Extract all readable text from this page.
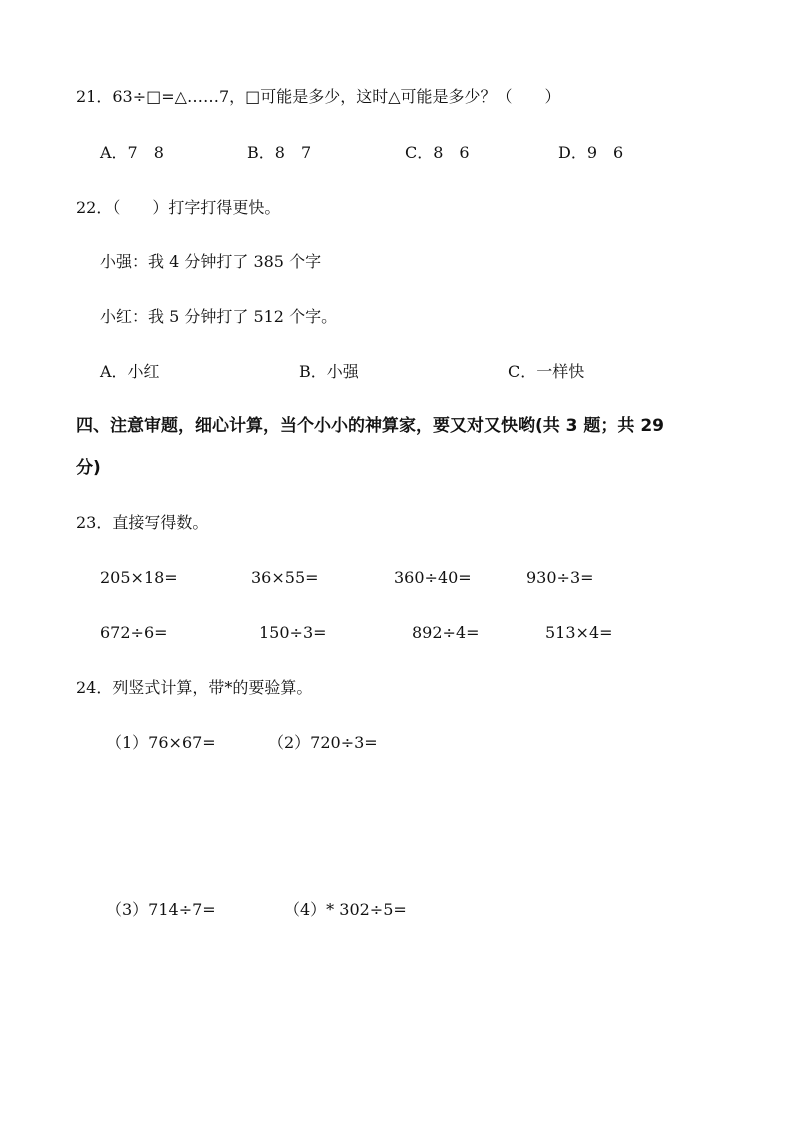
21．63÷□=△……7，□可能是多少，这时△可能是多少？（　　）
A．7　8	B．8　7	C．8　6	D．9　6
22．（　　）打字打得更快。
小强：我 4 分钟打了 385 个字
小红：我 5 分钟打了 512 个字。
A．小红	B．小强	C．一样快
四、注意审题，细心计算，当个小小的神算家，要又对又快哟(共 3 题；共 29
分)
23．直接写得数。
205×18=	36×55=	360÷40=	930÷3=
672÷6=	150÷3=	892÷4=	513×4=
24．列竖式计算，带*的要验算。
（1）76×67=	（2）720÷3=
（3）714÷7=	（4）* 302÷5=
